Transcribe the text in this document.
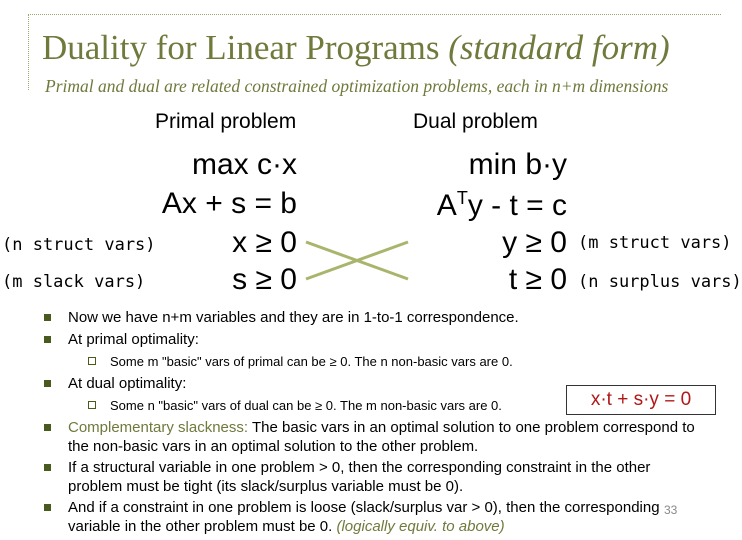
Duality for Linear Programs (standard form)
Primal and dual are related constrained optimization problems, each in n+m dimensions
Primal problem	Dual problem
max c·x
Ax + s = b
x ≥ 0
s ≥ 0
min b·y
$A^Ty - t = c$
y ≥ 0
t ≥ 0
(n struct vars)
(m slack vars)
(m struct vars)
(n surplus vars)
Now we have n+m variables and they are in 1-to-1 correspondence.
At primal optimality:
Some m "basic" vars of primal can be ≥ 0. The n non-basic vars are 0.
At dual optimality:
Some n "basic" vars of dual can be ≥ 0. The m non-basic vars are 0.
Complementary slackness: The basic vars in an optimal solution to one problem correspond to the non-basic vars in an optimal solution to the other problem.
If a structural variable in one problem > 0, then the corresponding constraint in the other problem must be tight (its slack/surplus variable must be 0).
And if a constraint in one problem is loose (slack/surplus var > 0), then the corresponding variable in the other problem must be 0. (logically equiv. to above)
x·t + s·y = 0
33
